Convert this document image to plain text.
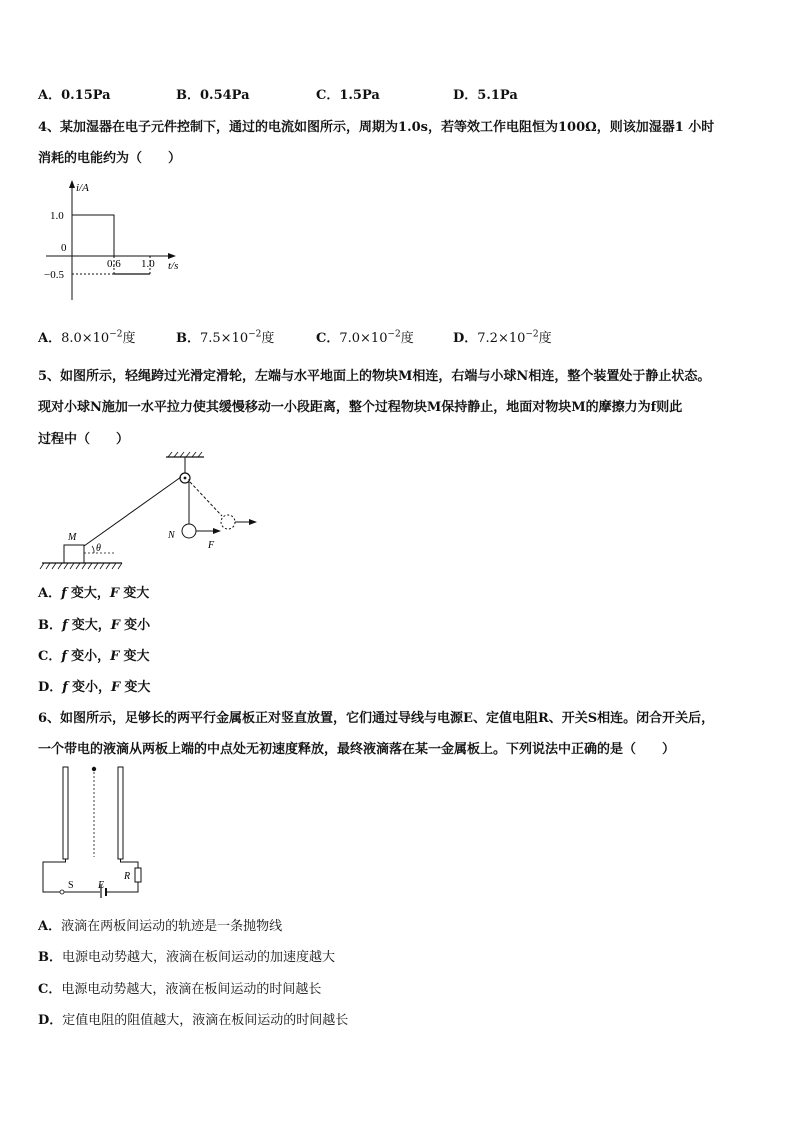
A．0.15Pa	B．0.54Pa	C．1.5Pa	D．5.1Pa
4、某加湿器在电子元件控制下，通过的电流如图所示，周期为1.0s，若等效工作电阻恒为100Ω，则该加湿器1 小时
消耗的电能约为（　　）
i/A
t/s
1.0
0
−0.5
0.6 1.0
A．$8.0\times 10^{-2}$度	B．$7.5\times 10^{-2}$度	C．$7.0\times 10^{-2}$度	D．$7.2\times 10^{-2}$度
5、如图所示，轻绳跨过光滑定滑轮，左端与水平地面上的物块M相连，右端与小球N相连，整个装置处于静止状态。
现对小球N施加一水平拉力使其缓慢移动一小段距离，整个过程物块M保持静止，地面对物块M的摩擦力为f则此
过程中（　　）
M
θ
N
F
A．f 变大，F 变大
B．f 变大，F 变小
C．f 变小，F 变大
D．f 变小，F 变大
6、如图所示，足够长的两平行金属板正对竖直放置，它们通过导线与电源E、定值电阻R、开关S相连。闭合开关后，
一个带电的液滴从两板上端的中点处无初速度释放，最终液滴落在某一金属板上。下列说法中正确的是（　　）
S E
R
A．液滴在两板间运动的轨迹是一条抛物线
B．电源电动势越大，液滴在板间运动的加速度越大
C．电源电动势越大，液滴在板间运动的时间越长
D．定值电阻的阻值越大，液滴在板间运动的时间越长
